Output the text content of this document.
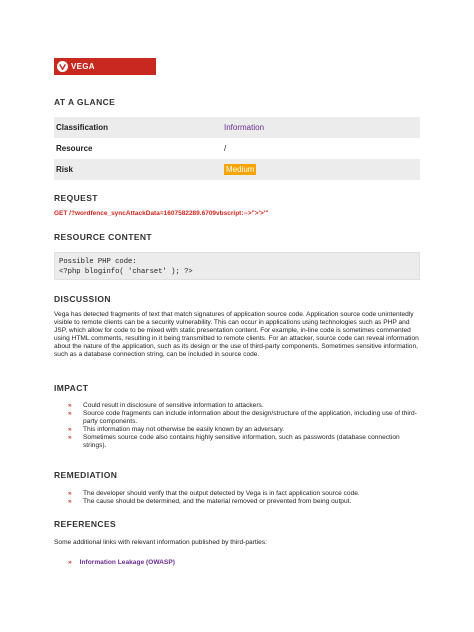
VEGA
AT A GLANCE
Classification	Information
Resource	/
Risk	Medium
REQUEST
GET /?wordfence_syncAttackData=1607582289.6709vbscript:-->">'>'"
RESOURCE CONTENT
Possible PHP code:
<?php bloginfo( 'charset' ); ?>
DISCUSSION
Vega has detected fragments of text that match signatures of application source code. Application source code unintentedly visible to remote clients can be a security vulnerability. This can occur in applications using technologies such as PHP and JSP, which allow for code to be mixed with static presentation content. For example, in-line code is sometimes commented using HTML comments, resulting in it being transmitted to remote clients. For an attacker, source code can reveal information about the nature of the application, such as its design or the use of third-party components. Sometimes sensitive information, such as a database connection string, can be included in source code.
IMPACT
» Could result in disclosure of sensitive information to attackers.
» Source code fragments can include information about the design/structure of the application, including use of third-party components.
» This information may not otherwise be easily known by an adversary.
» Sometimes source code also contains highly sensitive information, such as passwords (database connection strings).
REMEDIATION
» The developer should verify that the output detected by Vega is in fact application source code.
» The cause should be determined, and the material removed or prevented from being output.
REFERENCES
Some additional links with relevant information published by third-parties:
» Information Leakage (OWASP)
